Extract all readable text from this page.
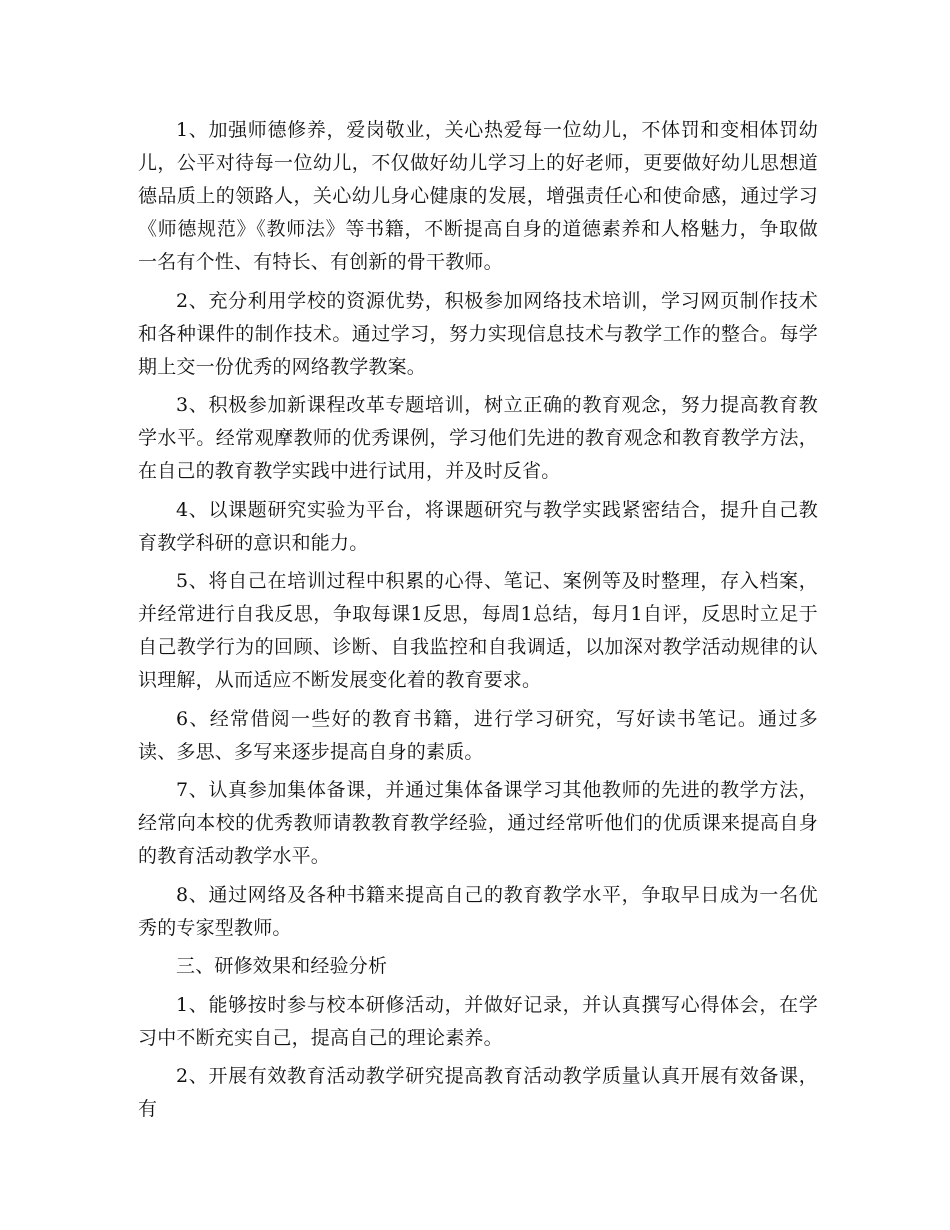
1、加强师德修养，爱岗敬业，关心热爱每一位幼儿，不体罚和变相体罚幼儿，公平对待每一位幼儿，不仅做好幼儿学习上的好老师，更要做好幼儿思想道德品质上的领路人，关心幼儿身心健康的发展，增强责任心和使命感，通过学习《师德规范》《教师法》等书籍，不断提高自身的道德素养和人格魅力，争取做一名有个性、有特长、有创新的骨干教师。

2、充分利用学校的资源优势，积极参加网络技术培训，学习网页制作技术和各种课件的制作技术。通过学习，努力实现信息技术与教学工作的整合。每学期上交一份优秀的网络教学教案。

3、积极参加新课程改革专题培训，树立正确的教育观念，努力提高教育教学水平。经常观摩教师的优秀课例，学习他们先进的教育观念和教育教学方法，在自己的教育教学实践中进行试用，并及时反省。

4、以课题研究实验为平台，将课题研究与教学实践紧密结合，提升自己教育教学科研的意识和能力。

5、将自己在培训过程中积累的心得、笔记、案例等及时整理，存入档案，并经常进行自我反思，争取每课1反思，每周1总结，每月1自评，反思时立足于自己教学行为的回顾、诊断、自我监控和自我调适，以加深对教学活动规律的认识理解，从而适应不断发展变化着的教育要求。

6、经常借阅一些好的教育书籍，进行学习研究，写好读书笔记。通过多读、多思、多写来逐步提高自身的素质。

7、认真参加集体备课，并通过集体备课学习其他教师的先进的教学方法，经常向本校的优秀教师请教教育教学经验，通过经常听他们的优质课来提高自身的教育活动教学水平。

8、通过网络及各种书籍来提高自己的教育教学水平，争取早日成为一名优秀的专家型教师。

三、研修效果和经验分析

1、能够按时参与校本研修活动，并做好记录，并认真撰写心得体会，在学习中不断充实自己，提高自己的理论素养。

2、开展有效教育活动教学研究提高教育活动教学质量认真开展有效备课，有
